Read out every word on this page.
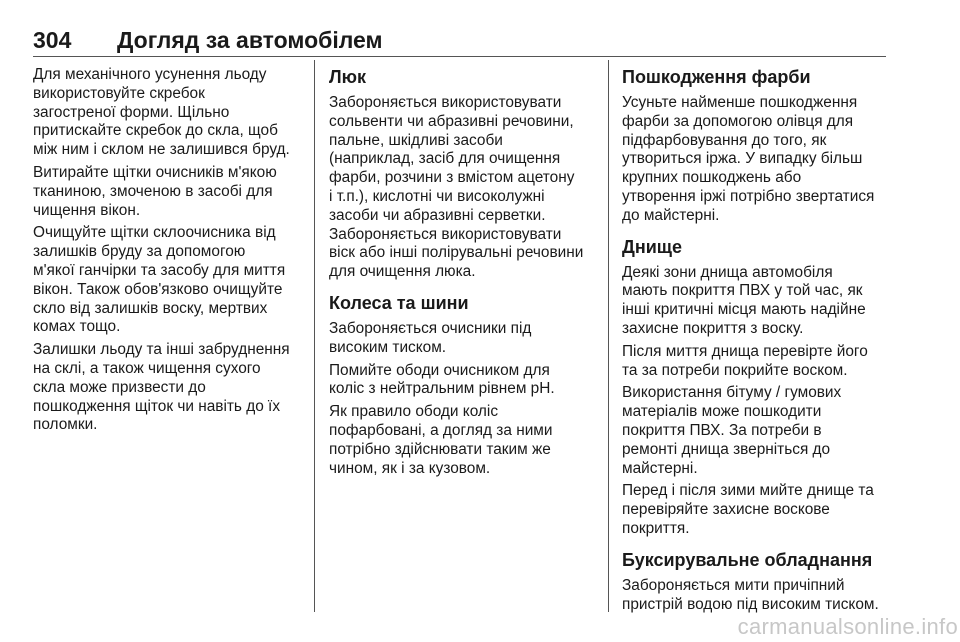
304 Догляд за автомобілем

Для механічного усунення льоду
використовуйте скребок
загостреної форми. Щільно
притискайте скребок до скла, щоб
між ним і склом не залишився бруд.

Витирайте щітки очисників м'якою
тканиною, змоченою в засобі для
чищення вікон.

Очищуйте щітки склоочисника від
залишків бруду за допомогою
м'якої ганчірки та засобу для миття
вікон. Також обов'язково очищуйте
скло від залишків воску, мертвих
комах тощо.

Залишки льоду та інші забруднення
на склі, а також чищення сухого
скла може призвести до
пошкодження щіток чи навіть до їх
поломки.

Люк

Забороняється використовувати
сольвенти чи абразивні речовини,
пальне, шкідливі засоби
(наприклад, засіб для очищення
фарби, розчини з вмістом ацетону
і т.п.), кислотні чи високолужні
засоби чи абразивні серветки.
Забороняється використовувати
віск або інші полірувальні речовини
для очищення люка.

Колеса та шини

Забороняється очисники під
високим тиском.

Помийте ободи очисником для
коліс з нейтральним рівнем pH.

Як правило ободи коліс
пофарбовані, а догляд за ними
потрібно здійснювати таким же
чином, як і за кузовом.

Пошкодження фарби

Усуньте найменше пошкодження
фарби за допомогою олівця для
підфарбовування до того, як
утвориться іржа. У випадку більш
крупних пошкоджень або
утворення іржі потрібно звертатися
до майстерні.

Днище

Деякі зони днища автомобіля
мають покриття ПВХ у той час, як
інші критичні місця мають надійне
захисне покриття з воску.

Після миття днища перевірте його
та за потреби покрийте воском.

Використання бітуму / гумових
матеріалів може пошкодити
покриття ПВХ. За потреби в
ремонті днища зверніться до
майстерні.

Перед і після зими мийте днище та
перевіряйте захисне воскове
покриття.

Буксирувальне обладнання

Забороняється мити причіпний
пристрій водою під високим тиском.

carmanualsonline.info
